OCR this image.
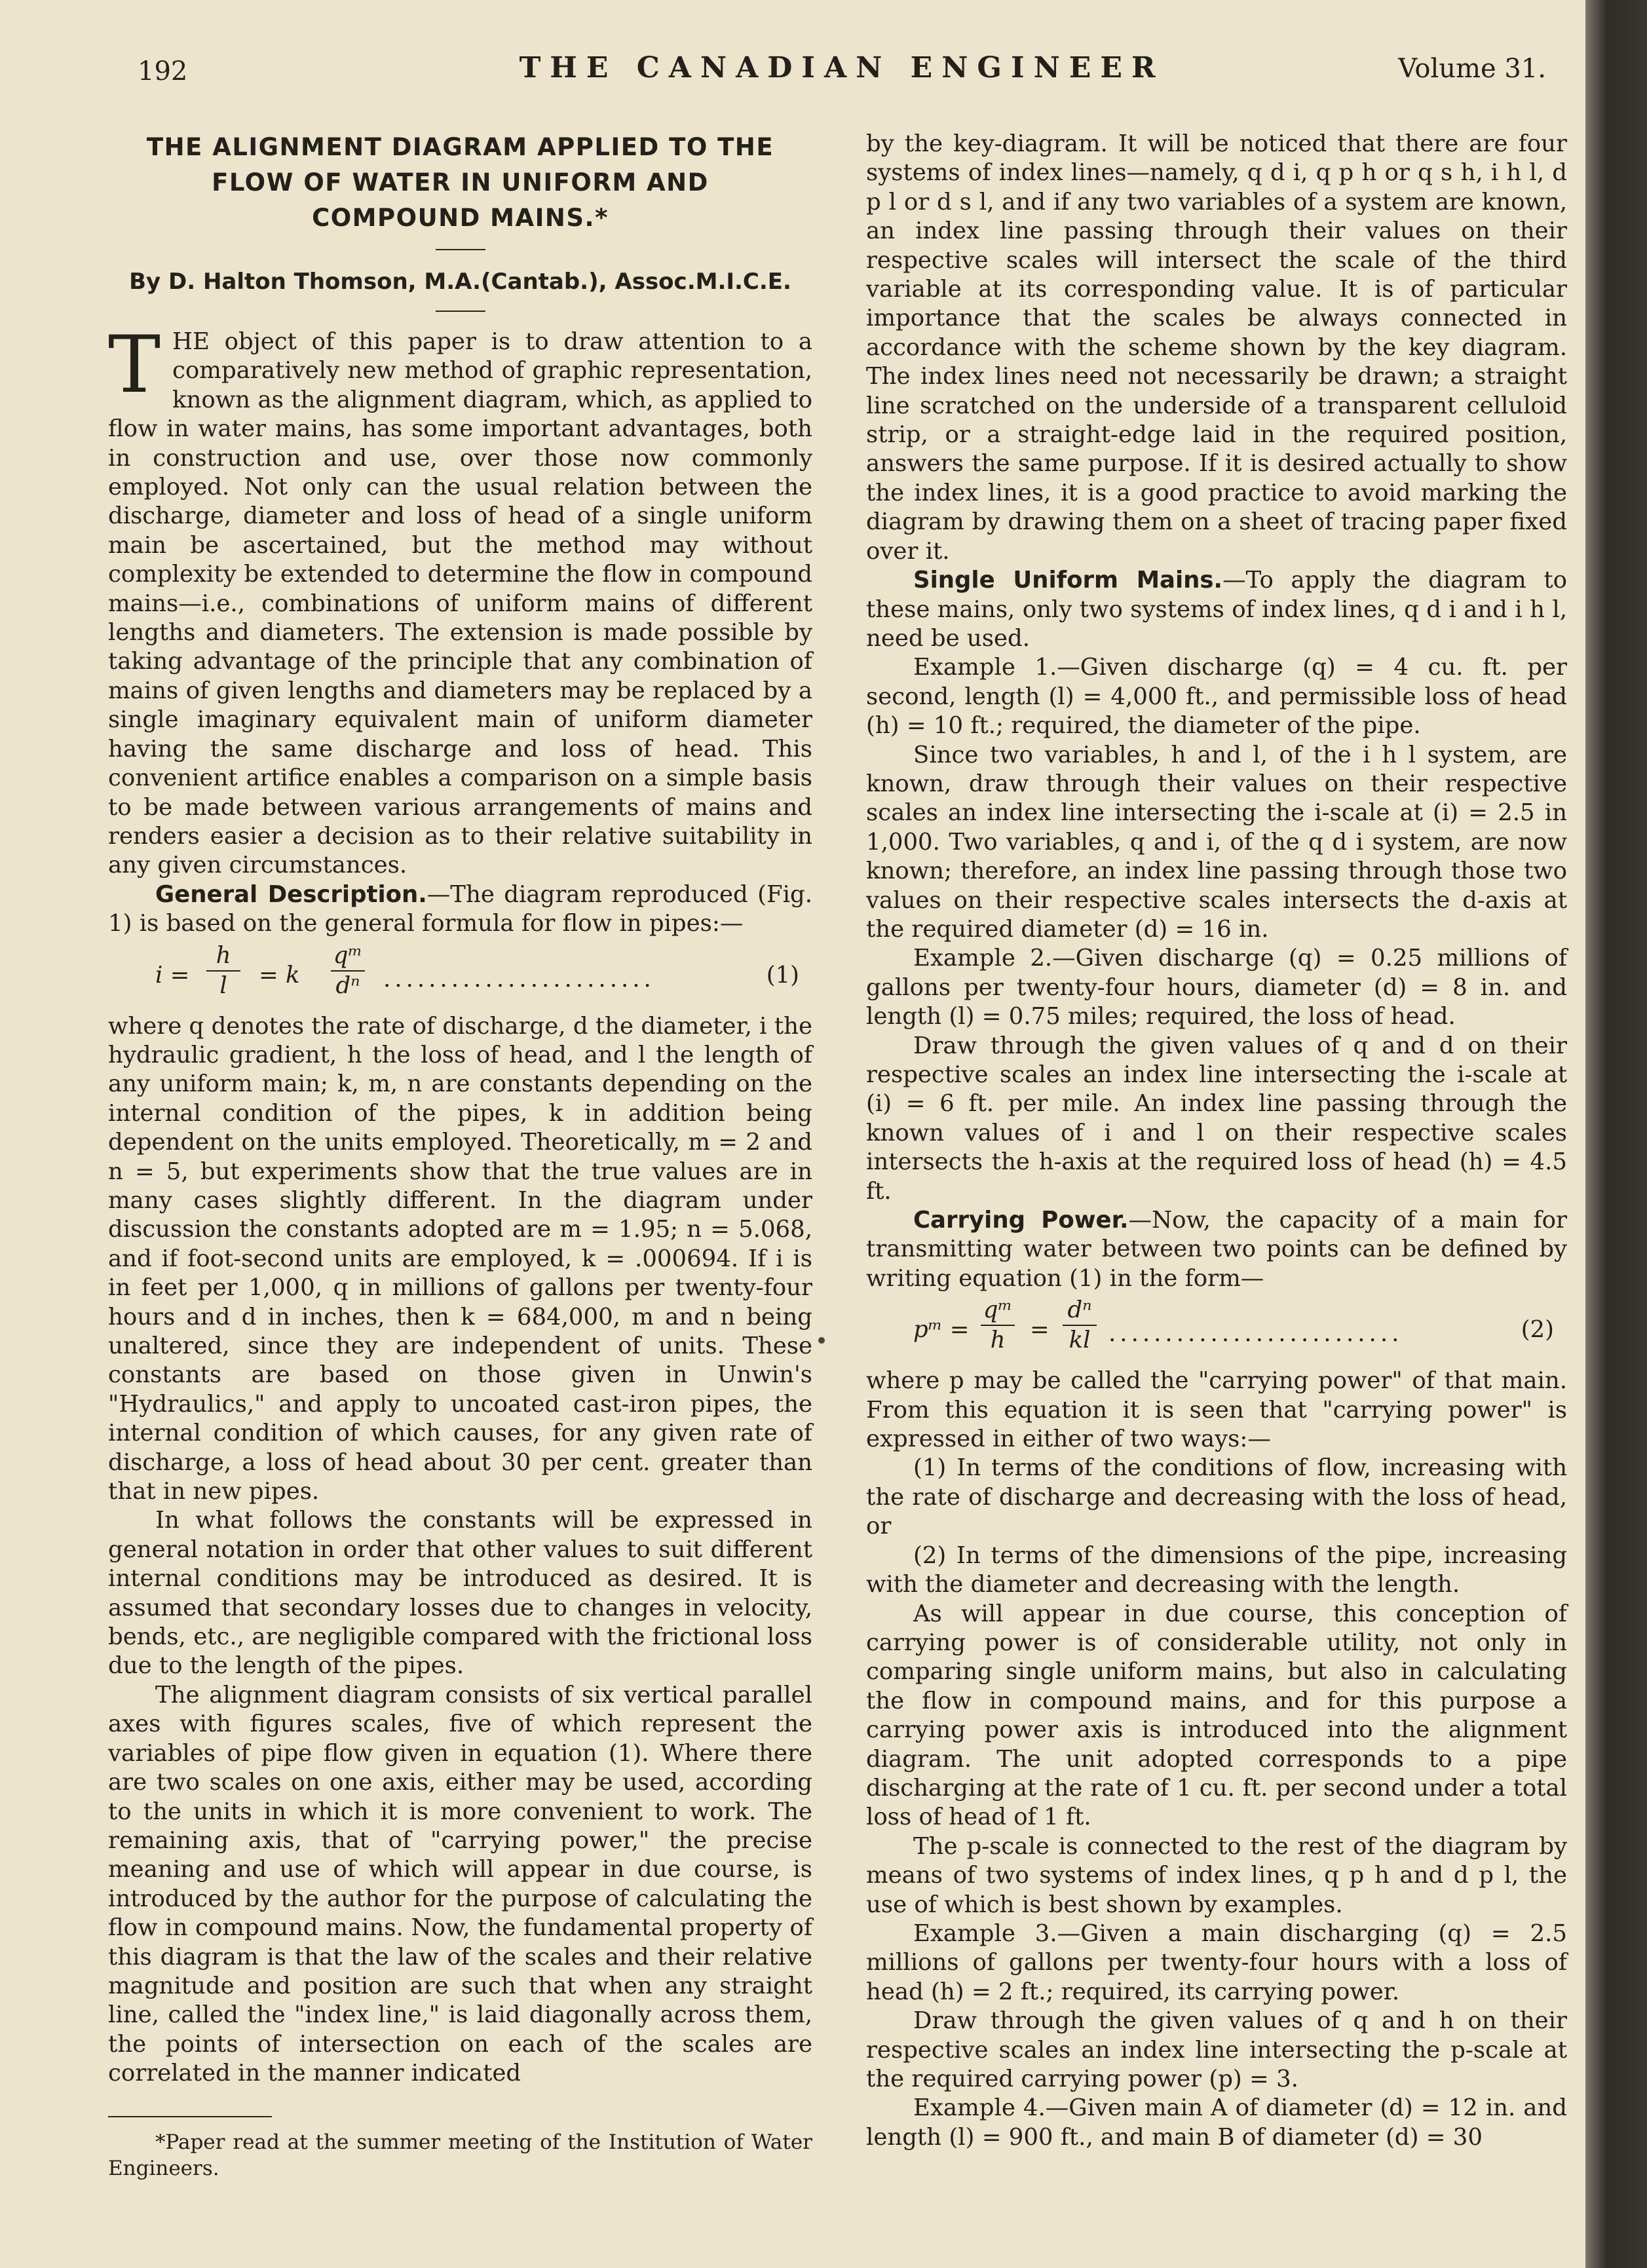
192	THE CANADIAN ENGINEER	Volume 31.

THE ALIGNMENT DIAGRAM APPLIED TO THE

FLOW OF WATER IN UNIFORM AND

COMPOUND MAINS.*

By D. Halton Thomson, M.A.(Cantab.), Assoc.M.I.C.E.

THE object of this paper is to draw attention to a comparatively new method of graphic representation, known as the alignment diagram, which, as applied to flow in water mains, has some important advantages, both in construction and use, over those now commonly employed. Not only can the usual relation between the discharge, diameter and loss of head of a single uniform main be ascertained, but the method may without complexity be extended to determine the flow in compound mains—i.e., combinations of uniform mains of different lengths and diameters. The extension is made possible by taking advantage of the principle that any combination of mains of given lengths and diameters may be replaced by a single imaginary equivalent main of uniform diameter having the same discharge and loss of head. This convenient artifice enables a comparison on a simple basis to be made between various arrangements of mains and renders easier a decision as to their relative suitability in any given circumstances.

General Description.—The diagram reproduced (Fig. 1) is based on the general formula for flow in pipes:—

i =
h
l	= k
qᵐ
dⁿ ........................	(1)

where q denotes the rate of discharge, d the diameter, i the hydraulic gradient, h the loss of head, and l the length of any uniform main; k, m, n are constants depending on the internal condition of the pipes, k in addition being dependent on the units employed. Theoretically, m = 2 and n = 5, but experiments show that the true values are in many cases slightly different. In the diagram under discussion the constants adopted are m = 1.95; n = 5.068, and if foot-second units are employed, k = .000694. If i is in feet per 1,000, q in millions of gallons per twenty-four hours and d in inches, then k = 684,000, m and n being unaltered, since they are independent of units. These constants are based on those given in Unwin's "Hydraulics," and apply to uncoated cast-iron pipes, the internal condition of which causes, for any given rate of discharge, a loss of head about 30 per cent. greater than that in new pipes.

In what follows the constants will be expressed in general notation in order that other values to suit different internal conditions may be introduced as desired. It is assumed that secondary losses due to changes in velocity, bends, etc., are negligible compared with the frictional loss due to the length of the pipes.

The alignment diagram consists of six vertical parallel axes with figures scales, five of which represent the variables of pipe flow given in equation (1). Where there are two scales on one axis, either may be used, according to the units in which it is more convenient to work. The remaining axis, that of "carrying power," the precise meaning and use of which will appear in due course, is introduced by the author for the purpose of calculating the flow in compound mains. Now, the fundamental property of this diagram is that the law of the scales and their relative magnitude and position are such that when any straight line, called the "index line," is laid diagonally across them, the points of intersection on each of the scales are correlated in the manner indicated

*Paper read at the summer meeting of the Institution of Water Engineers.

by the key-diagram. It will be noticed that there are four systems of index lines—namely, q d i, q p h or q s h, i h l, d p l or d s l, and if any two variables of a system are known, an index line passing through their values on their respective scales will intersect the scale of the third variable at its corresponding value. It is of particular importance that the scales be always connected in accordance with the scheme shown by the key diagram. The index lines need not necessarily be drawn; a straight line scratched on the underside of a transparent celluloid strip, or a straight-edge laid in the required position, answers the same purpose. If it is desired actually to show the index lines, it is a good practice to avoid marking the diagram by drawing them on a sheet of tracing paper fixed over it.

Single Uniform Mains.—To apply the diagram to these mains, only two systems of index lines, q d i and i h l, need be used.

Example 1.—Given discharge (q) = 4 cu. ft. per second, length (l) = 4,000 ft., and permissible loss of head (h) = 10 ft.; required, the diameter of the pipe.

Since two variables, h and l, of the i h l system, are known, draw through their values on their respective scales an index line intersecting the i-scale at (i) = 2.5 in 1,000. Two variables, q and i, of the q d i system, are now known; therefore, an index line passing through those two values on their respective scales intersects the d-axis at the required diameter (d) = 16 in.

Example 2.—Given discharge (q) = 0.25 millions of gallons per twenty-four hours, diameter (d) = 8 in. and length (l) = 0.75 miles; required, the loss of head.

Draw through the given values of q and d on their respective scales an index line intersecting the i-scale at (i) = 6 ft. per mile. An index line passing through the known values of i and l on their respective scales intersects the h-axis at the required loss of head (h) = 4.5 ft.

Carrying Power.—Now, the capacity of a main for transmitting water between two points can be defined by writing equation (1) in the form—

pᵐ =
qᵐ
h	=
dⁿ
kl ..........................	(2)

where p may be called the "carrying power" of that main. From this equation it is seen that "carrying power" is expressed in either of two ways:—

(1) In terms of the conditions of flow, increasing with the rate of discharge and decreasing with the loss of head, or

(2) In terms of the dimensions of the pipe, increasing with the diameter and decreasing with the length.

As will appear in due course, this conception of carrying power is of considerable utility, not only in comparing single uniform mains, but also in calculating the flow in compound mains, and for this purpose a carrying power axis is introduced into the alignment diagram. The unit adopted corresponds to a pipe discharging at the rate of 1 cu. ft. per second under a total loss of head of 1 ft.

The p-scale is connected to the rest of the diagram by means of two systems of index lines, q p h and d p l, the use of which is best shown by examples.

Example 3.—Given a main discharging (q) = 2.5 millions of gallons per twenty-four hours with a loss of head (h) = 2 ft.; required, its carrying power.

Draw through the given values of q and h on their respective scales an index line intersecting the p-scale at the required carrying power (p) = 3.

Example 4.—Given main A of diameter (d) = 12 in. and length (l) = 900 ft., and main B of diameter (d) = 30
